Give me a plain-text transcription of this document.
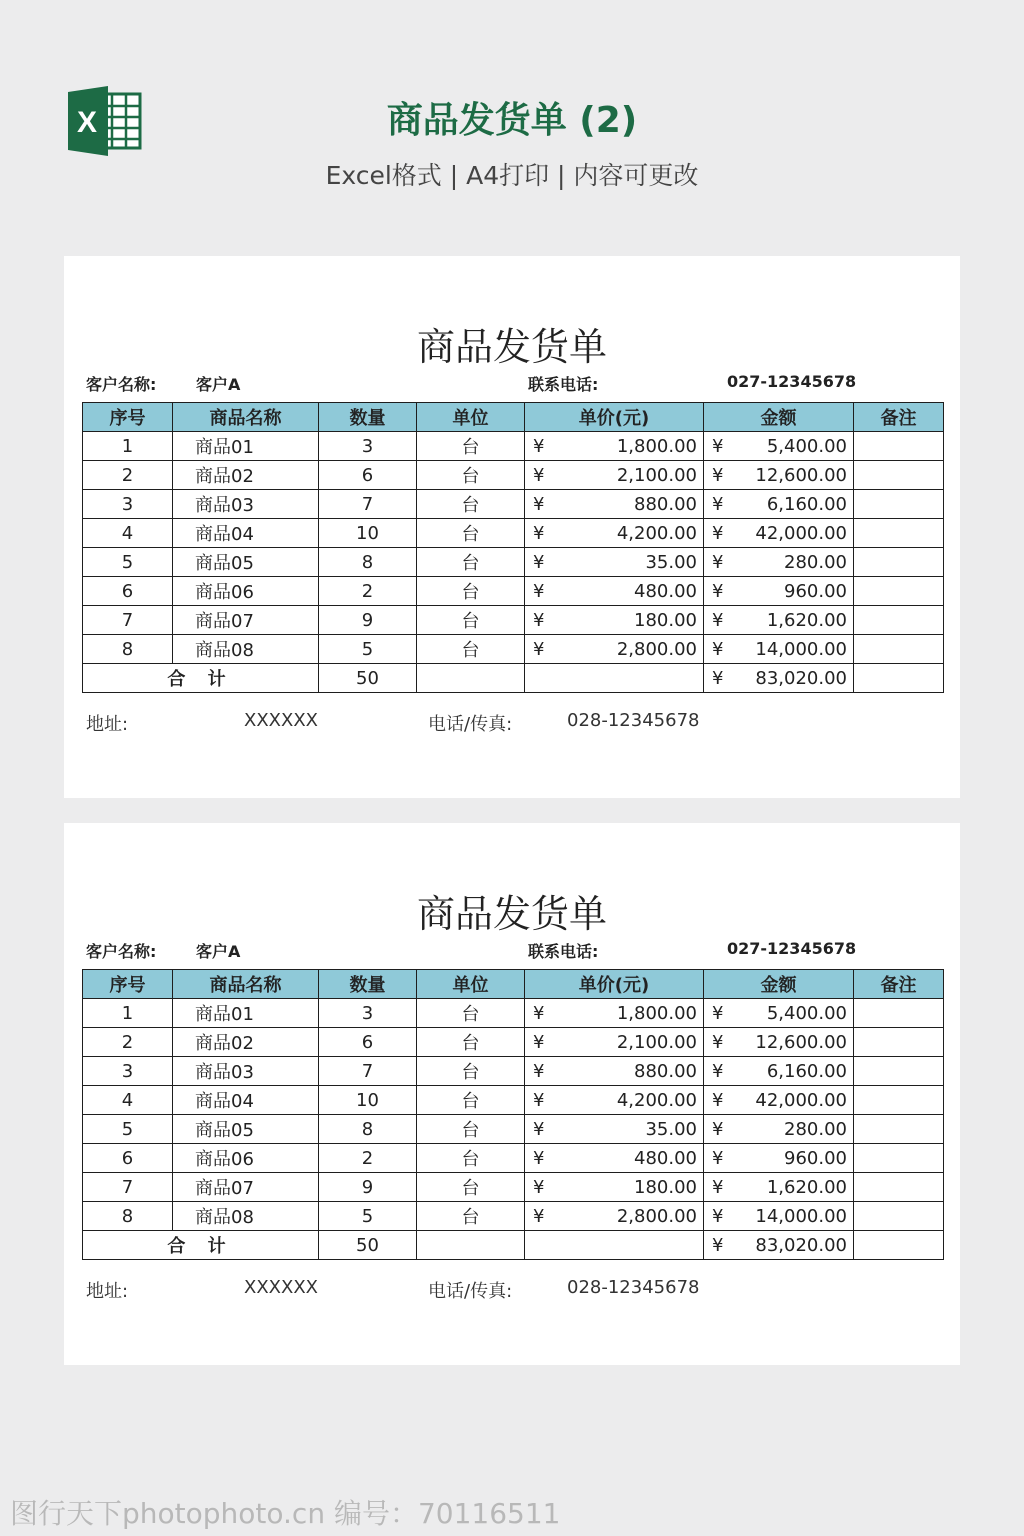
X	商品发货单 (2)
Excel格式 | A4打印 | 内容可更改
商品发货单
客户名称: 客户A	联系电话:	027-12345678
序号	商品名称	数量	单位	单价(元)	金额	备注
1	商品01	3	台	¥ 1,800.00	¥ 5,400.00	

2	商品02	6	台	¥ 2,100.00	¥ 12,600.00	

3	商品03	7	台	¥ 880.00	¥ 6,160.00	

4	商品04	10	台	¥ 4,200.00	¥ 42,000.00	

5	商品05	8	台	¥ 35.00	¥ 280.00	

6	商品06	2	台	¥ 480.00	¥ 960.00	

7	商品07	9	台	¥ 180.00	¥ 1,620.00	

8	商品08	5	台	¥ 2,800.00	¥ 14,000.00	

合 计		50			¥ 83,020.00	

地址:	XXXXXX	电话/传真:	028-12345678
商品发货单
客户名称: 客户A	联系电话:	027-12345678
序号	商品名称	数量	单位	单价(元)	金额	备注
1	商品01	3	台	¥ 1,800.00	¥ 5,400.00	

2	商品02	6	台	¥ 2,100.00	¥ 12,600.00	

3	商品03	7	台	¥ 880.00	¥ 6,160.00	

4	商品04	10	台	¥ 4,200.00	¥ 42,000.00	

5	商品05	8	台	¥ 35.00	¥ 280.00	

6	商品06	2	台	¥ 480.00	¥ 960.00	

7	商品07	9	台	¥ 180.00	¥ 1,620.00	

8	商品08	5	台	¥ 2,800.00	¥ 14,000.00	

合 计		50			¥ 83,020.00	

地址:	XXXXXX	电话/传真:	028-12345678
图行天下photophoto.cn 编号：70116511
